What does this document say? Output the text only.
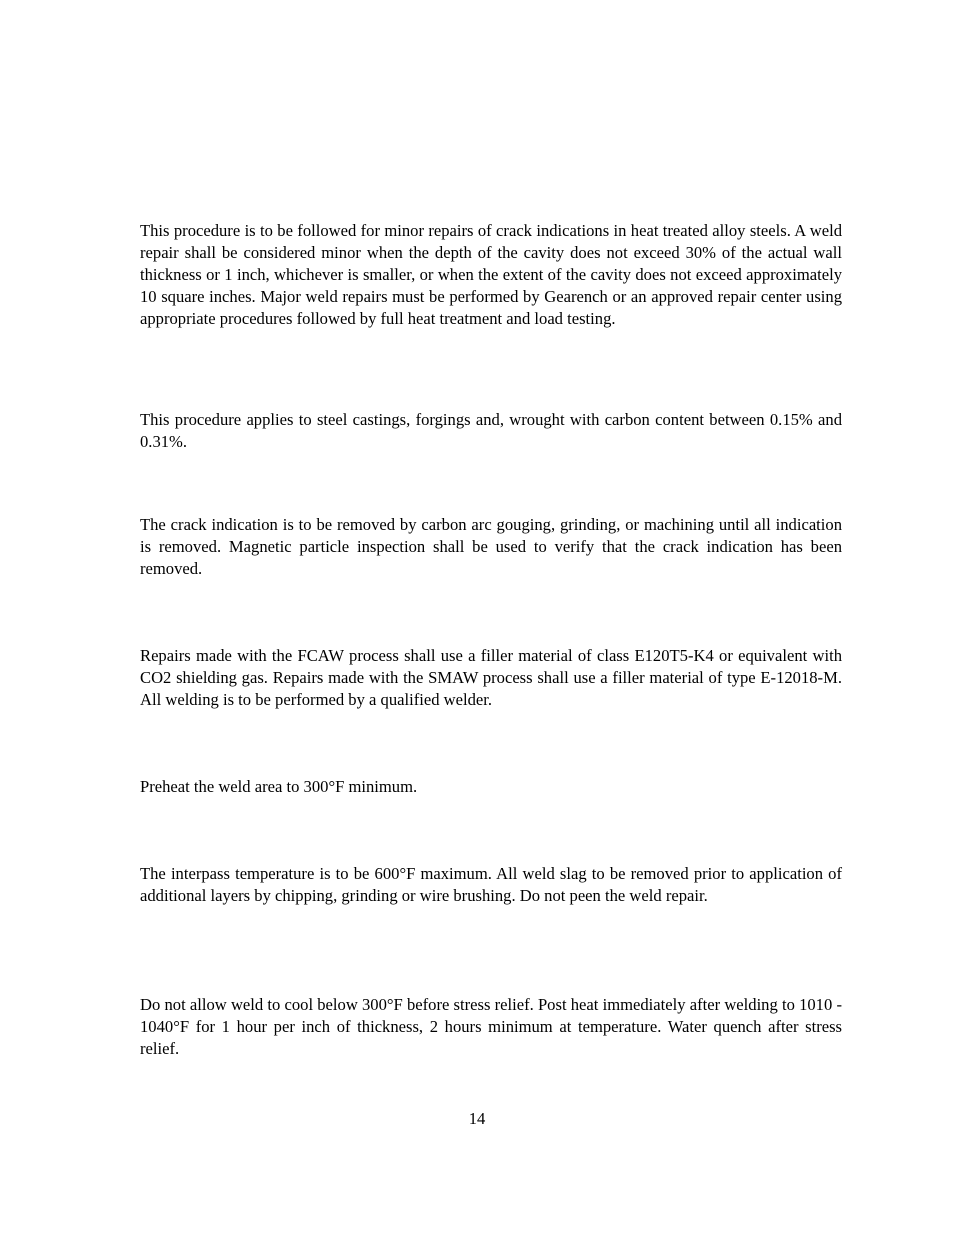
This procedure is to be followed for minor repairs of crack indications in heat treated alloy steels. A weld repair shall be considered minor when the depth of the cavity does not exceed 30% of the actual wall thickness or 1 inch, whichever is smaller, or when the extent of the cavity does not exceed approximately 10 square inches. Major weld repairs must be performed by Gearench or an approved repair center using appropriate procedures followed by full heat treatment and load testing.

This procedure applies to steel castings, forgings and, wrought with carbon content between 0.15% and 0.31%.

The crack indication is to be removed by carbon arc gouging, grinding, or machining until all indication is removed. Magnetic particle inspection shall be used to verify that the crack indication has been removed.

Repairs made with the FCAW process shall use a filler material of class E120T5-K4 or equivalent with CO2 shielding gas. Repairs made with the SMAW process shall use a filler material of type E-12018-M. All welding is to be performed by a qualified welder.

Preheat the weld area to 300°F minimum.

The interpass temperature is to be 600°F maximum. All weld slag to be removed prior to application of additional layers by chipping, grinding or wire brushing. Do not peen the weld repair.

Do not allow weld to cool below 300°F before stress relief. Post heat immediately after welding to 1010 - 1040°F for 1 hour per inch of thickness, 2 hours minimum at temperature. Water quench after stress relief.

14
